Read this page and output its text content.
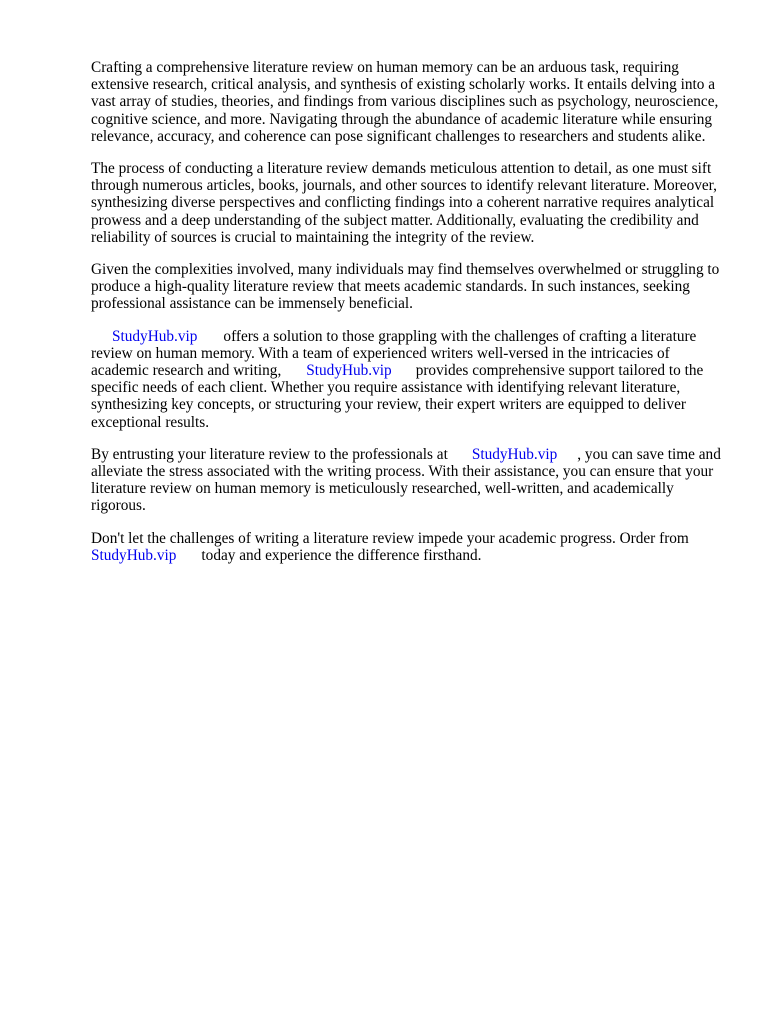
Crafting a comprehensive literature review on human memory can be an arduous task, requiring extensive research, critical analysis, and synthesis of existing scholarly works. It entails delving into a vast array of studies, theories, and findings from various disciplines such as psychology, neuroscience, cognitive science, and more. Navigating through the abundance of academic literature while ensuring relevance, accuracy, and coherence can pose significant challenges to researchers and students alike.

The process of conducting a literature review demands meticulous attention to detail, as one must sift through numerous articles, books, journals, and other sources to identify relevant literature. Moreover, synthesizing diverse perspectives and conflicting findings into a coherent narrative requires analytical prowess and a deep understanding of the subject matter. Additionally, evaluating the credibility and reliability of sources is crucial to maintaining the integrity of the review.

Given the complexities involved, many individuals may find themselves overwhelmed or struggling to produce a high-quality literature review that meets academic standards. In such instances, seeking professional assistance can be immensely beneficial.

StudyHub.vip offers a solution to those grappling with the challenges of crafting a literature review on human memory. With a team of experienced writers well-versed in the intricacies of academic research and writing, StudyHub.vip provides comprehensive support tailored to the specific needs of each client. Whether you require assistance with identifying relevant literature, synthesizing key concepts, or structuring your review, their expert writers are equipped to deliver exceptional results.

By entrusting your literature review to the professionals at StudyHub.vip , you can save time and alleviate the stress associated with the writing process. With their assistance, you can ensure that your literature review on human memory is meticulously researched, well-written, and academically rigorous.

Don't let the challenges of writing a literature review impede your academic progress. Order from StudyHub.vip today and experience the difference firsthand.
